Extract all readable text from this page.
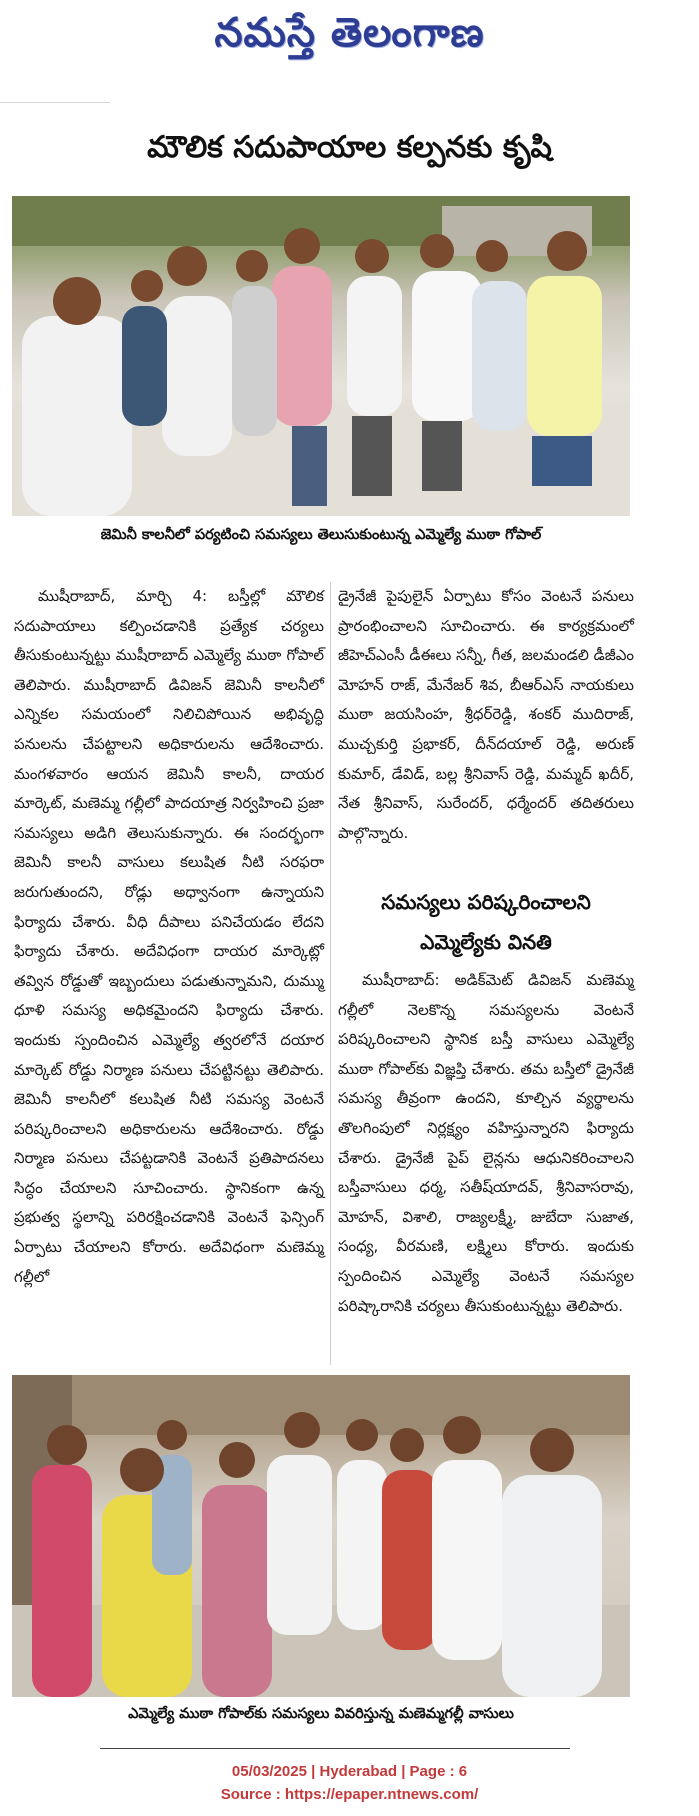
నమస్తే తెలంగాణ
మౌలిక సదుపాయాల కల్పనకు కృషి
జెమినీ కాలనీలో పర్యటించి సమస్యలు తెలుసుకుంటున్న ఎమ్మెల్యే ముఠా గోపాల్

ముషీరాబాద్, మార్చి 4: బస్తీల్లో మౌలిక సదుపాయాలు కల్పించడానికి ప్రత్యేక చర్యలు తీసుకుంటున్నట్టు ముషీరాబాద్ ఎమ్మెల్యే ముఠా గోపాల్ తెలిపారు. ముషీరాబాద్ డివిజన్ జెమినీ కాలనీలో ఎన్నికల సమయంలో నిలిచిపోయిన అభివృద్ధి పనులను చేపట్టాలని అధికారులను ఆదేశించారు. మంగళవారం ఆయన జెమినీ కాలనీ, దాయర మార్కెట్, మణెమ్మ గల్లీలో పాదయాత్ర నిర్వహించి ప్రజా సమస్యలు అడిగి తెలుసుకున్నారు. ఈ సందర్భంగా జెమినీ కాలనీ వాసులు కలుషిత నీటి సరఫరా జరుగుతుందని, రోడ్లు అధ్వానంగా ఉన్నాయని ఫిర్యాదు చేశారు. వీధి దీపాలు పనిచేయడం లేదని ఫిర్యాదు చేశారు. అదేవిధంగా దాయర మార్కెట్లో తవ్విన రోడ్డుతో ఇబ్బందులు పడుతున్నామని, దుమ్ము ధూళి సమస్య అధికమైందని ఫిర్యాదు చేశారు. ఇందుకు స్పందించిన ఎమ్మెల్యే త్వరలోనే దయార మార్కెట్ రోడ్డు నిర్మాణ పనులు చేపట్టినట్టు తెలిపారు. జెమినీ కాలనీలో కలుషిత నీటి సమస్య వెంటనే పరిష్కరించాలని అధికారులను ఆదేశించారు. రోడ్డు నిర్మాణ పనులు చేపట్టడానికి వెంటనే ప్రతిపాదనలు సిద్ధం చేయాలని సూచించారు. స్థానికంగా ఉన్న ప్రభుత్వ స్థలాన్ని పరిరక్షించడానికి వెంటనే ఫెన్సింగ్ ఏర్పాటు చేయాలని కోరారు. అదేవిధంగా మణెమ్మ గల్లీలో

డ్రైనేజీ పైపులైన్ ఏర్పాటు కోసం వెంటనే పనులు ప్రారంభించాలని సూచించారు. ఈ కార్యక్రమంలో జీహెచ్ఎంసీ డీఈలు సన్నీ, గీత, జలమండలి డీజీఎం మోహన్ రాజ్, మేనేజర్ శివ, బీఆర్ఎస్ నాయకులు ముఠా జయసింహ, శ్రీధర్‌రెడ్డి, శంకర్ ముదిరాజ్, ముచ్చకుర్తి ప్రభాకర్, దీన్‌దయాల్ రెడ్డి, అరుణ్ కుమార్, డేవిడ్, బల్ల శ్రీనివాస్ రెడ్డి, మమ్మద్ ఖదీర్, నేత శ్రీనివాస్, సురేందర్, ధర్మేందర్ తదితరులు పాల్గొన్నారు.

సమస్యలు పరిష్కరించాలని ఎమ్మెల్యేకు వినతి

ముషీరాబాద్: అడిక్‌మెట్ డివిజన్ మణెమ్మ గల్లీలో నెలకొన్న సమస్యలను వెంటనే పరిష్కరించాలని స్థానిక బస్తీ వాసులు ఎమ్మెల్యే ముఠా గోపాల్‌కు విజ్ఞప్తి చేశారు. తమ బస్తీలో డ్రైనేజీ సమస్య తీవ్రంగా ఉందని, కూల్చిన వ్యర్థాలను తొలగింపులో నిర్లక్ష్యం వహిస్తున్నారని ఫిర్యాదు చేశారు. డ్రైనేజీ పైప్ లైన్లను ఆధునికరించాలని బస్తీవాసులు ధర్మ, సతీష్‌యాదవ్, శ్రీనివాసరావు, మోహన్, విశాలి, రాజ్యలక్ష్మీ, జుబేదా సుజాత, సంధ్య, వీరమణి, లక్ష్మిలు కోరారు. ఇందుకు స్పందించిన ఎమ్మెల్యే వెంటనే సమస్యల పరిష్కారానికి చర్యలు తీసుకుంటున్నట్టు తెలిపారు.

ఎమ్మెల్యే ముఠా గోపాల్‌కు సమస్యలు వివరిస్తున్న మణెమ్మగల్లీ వాసులు
05/03/2025 | Hyderabad | Page : 6
Source : https://epaper.ntnews.com/
